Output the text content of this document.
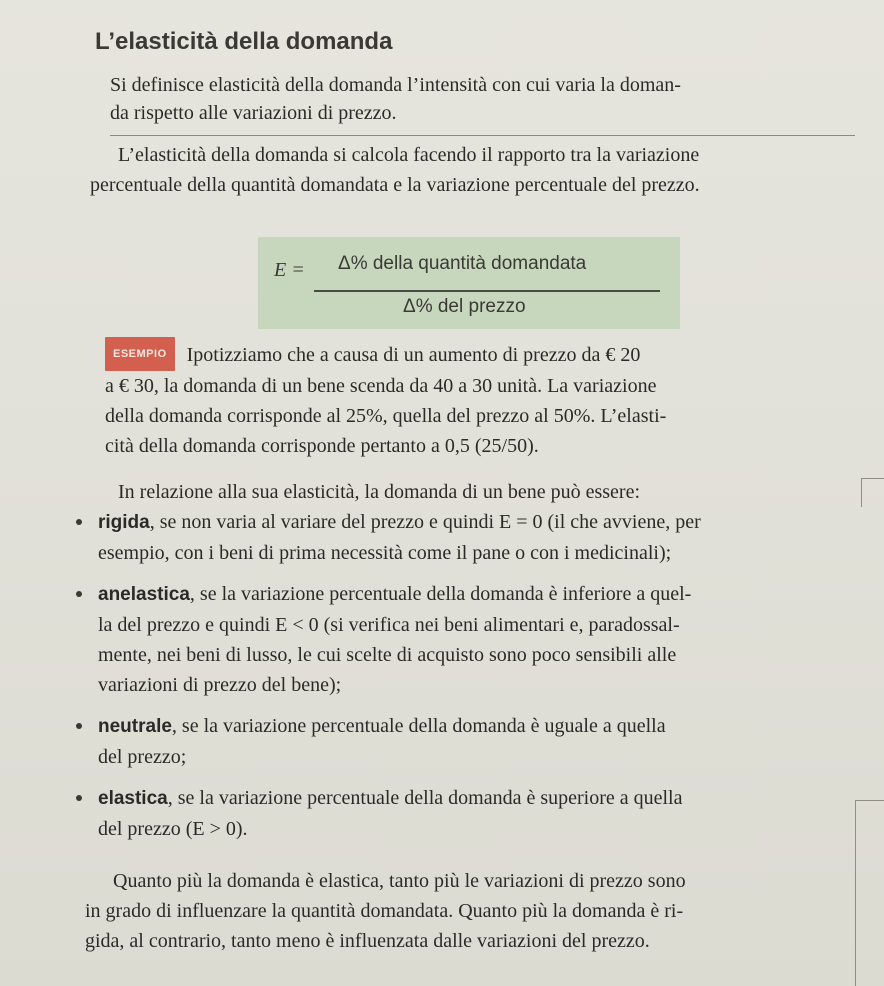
L’elasticità della domanda
Si definisce elasticità della domanda l’intensità con cui varia la doman-
da rispetto alle variazioni di prezzo.

L’elasticità della domanda si calcola facendo il rapporto tra la variazione
percentuale della quantità domandata e la variazione percentuale del prezzo.

E = Δ% della quantità domandata
Δ% del prezzo

ESEMPIO Ipotizziamo che a causa di un aumento di prezzo da € 20
a € 30, la domanda di un bene scenda da 40 a 30 unità. La variazione
della domanda corrisponde al 25%, quella del prezzo al 50%. L’elasti-
cità della domanda corrisponde pertanto a 0,5 (25/50).

In relazione alla sua elasticità, la domanda di un bene può essere:

rigida, se non varia al variare del prezzo e quindi E = 0 (il che avviene, per
esempio, con i beni di prima necessità come il pane o con i medicinali);
anelastica, se la variazione percentuale della domanda è inferiore a quel-
la del prezzo e quindi E < 0 (si verifica nei beni alimentari e, paradossal-
mente, nei beni di lusso, le cui scelte di acquisto sono poco sensibili alle
variazioni di prezzo del bene);
neutrale, se la variazione percentuale della domanda è uguale a quella
del prezzo;
elastica, se la variazione percentuale della domanda è superiore a quella
del prezzo (E > 0).

Quanto più la domanda è elastica, tanto più le variazioni di prezzo sono
in grado di influenzare la quantità domandata. Quanto più la domanda è ri-
gida, al contrario, tanto meno è influenzata dalle variazioni del prezzo.
